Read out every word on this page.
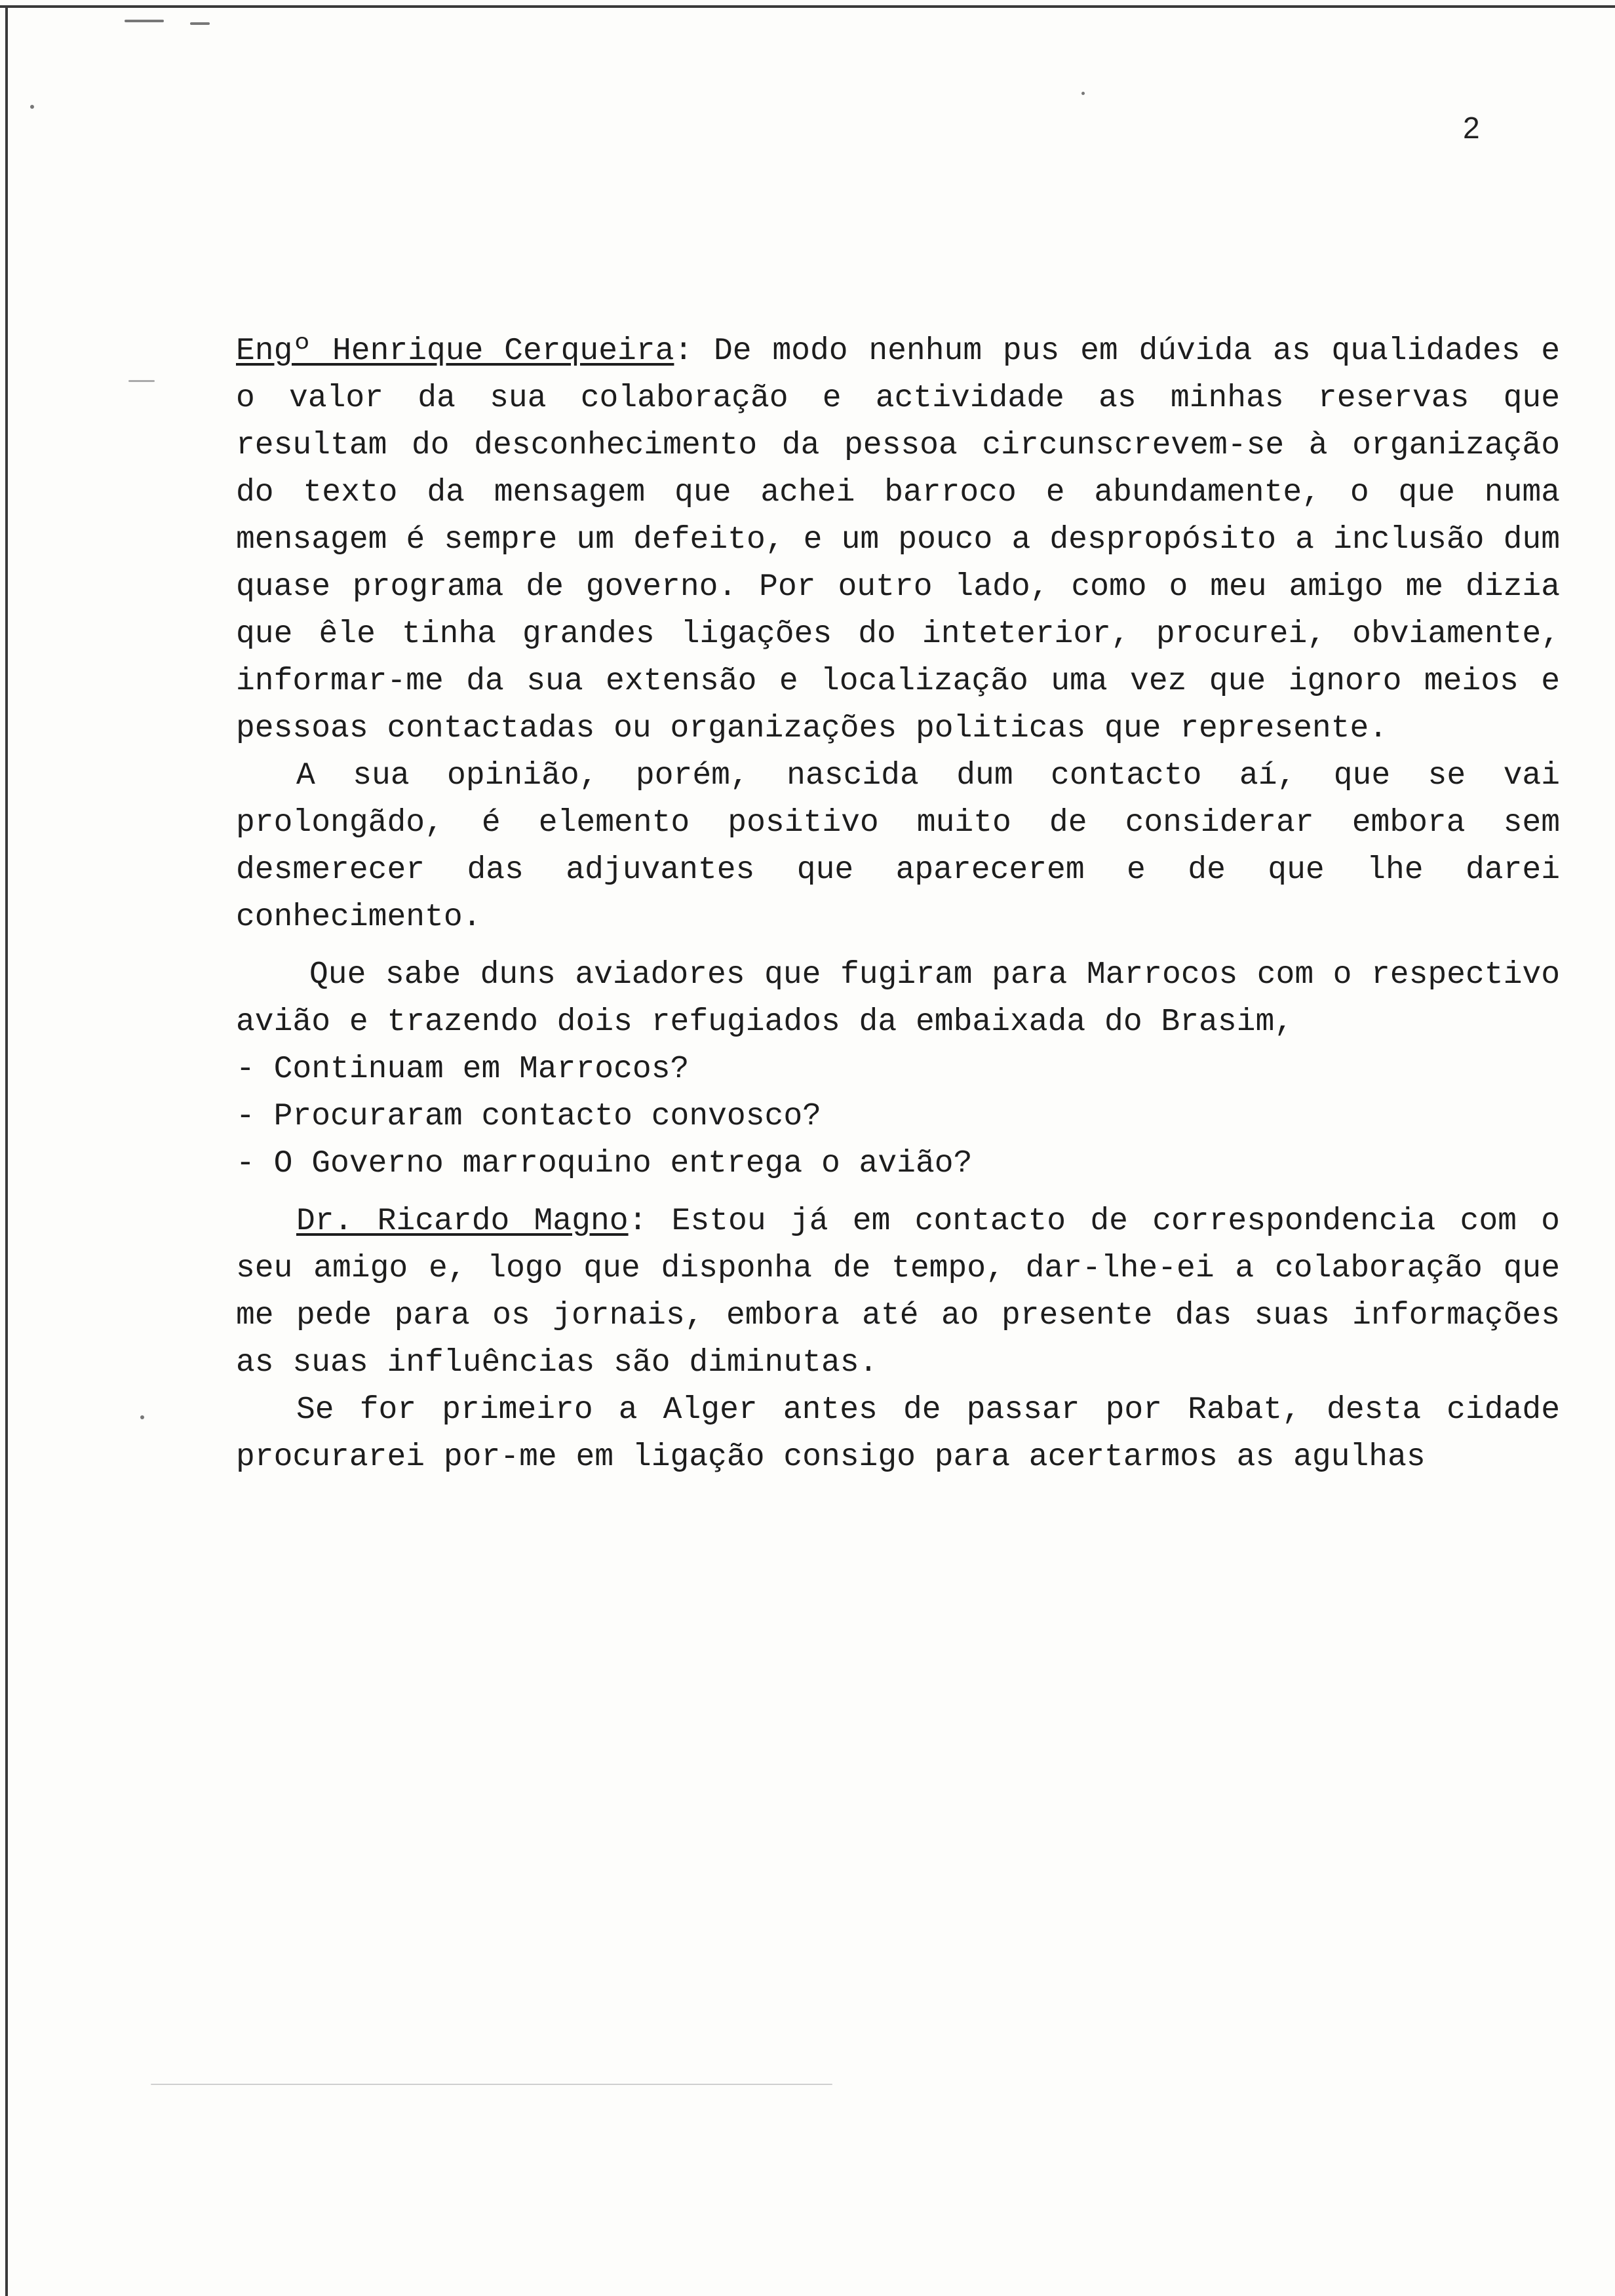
2

Engº Henrique Cerqueira: De modo nenhum pus em dúvida as qualidades e o valor da sua colaboração e actividade as minhas reservas que resultam do desconhecimento da pessoa circunscrevem-se à organização do texto da mensagem que achei barroco e abundamente, o que numa mensagem é sempre um defeito, e um pouco a despropósito a inclusão dum quase programa de governo. Por outro lado, como o meu amigo me dizia que êle tinha grandes ligações do inteterior, procurei, obviamente, informar-me da sua extensão e localização uma vez que ignoro meios e pessoas contactadas ou organizações politicas que represente.

A sua opinião, porém, nascida dum contacto aí, que se vai prolongãdo, é elemento positivo muito de considerar embora sem desmerecer das adjuvantes que aparecerem e de que lhe darei conhecimento.

Que sabe duns aviadores que fugiram para Marrocos com o respectivo avião e trazendo dois refugiados da embaixada do Brasim,

- Continuam em Marrocos?
- Procuraram contacto convosco?
- O Governo marroquino entrega o avião?

Dr. Ricardo Magno: Estou já em contacto de correspondencia com o seu amigo e, logo que disponha de tempo, dar-lhe-ei a colaboração que me pede para os jornais, embora até ao presente das suas informações as suas influências são diminutas.

Se for primeiro a Alger antes de passar por Rabat, desta cidade procurarei por-me em ligação consigo para acertarmos as agulhas
